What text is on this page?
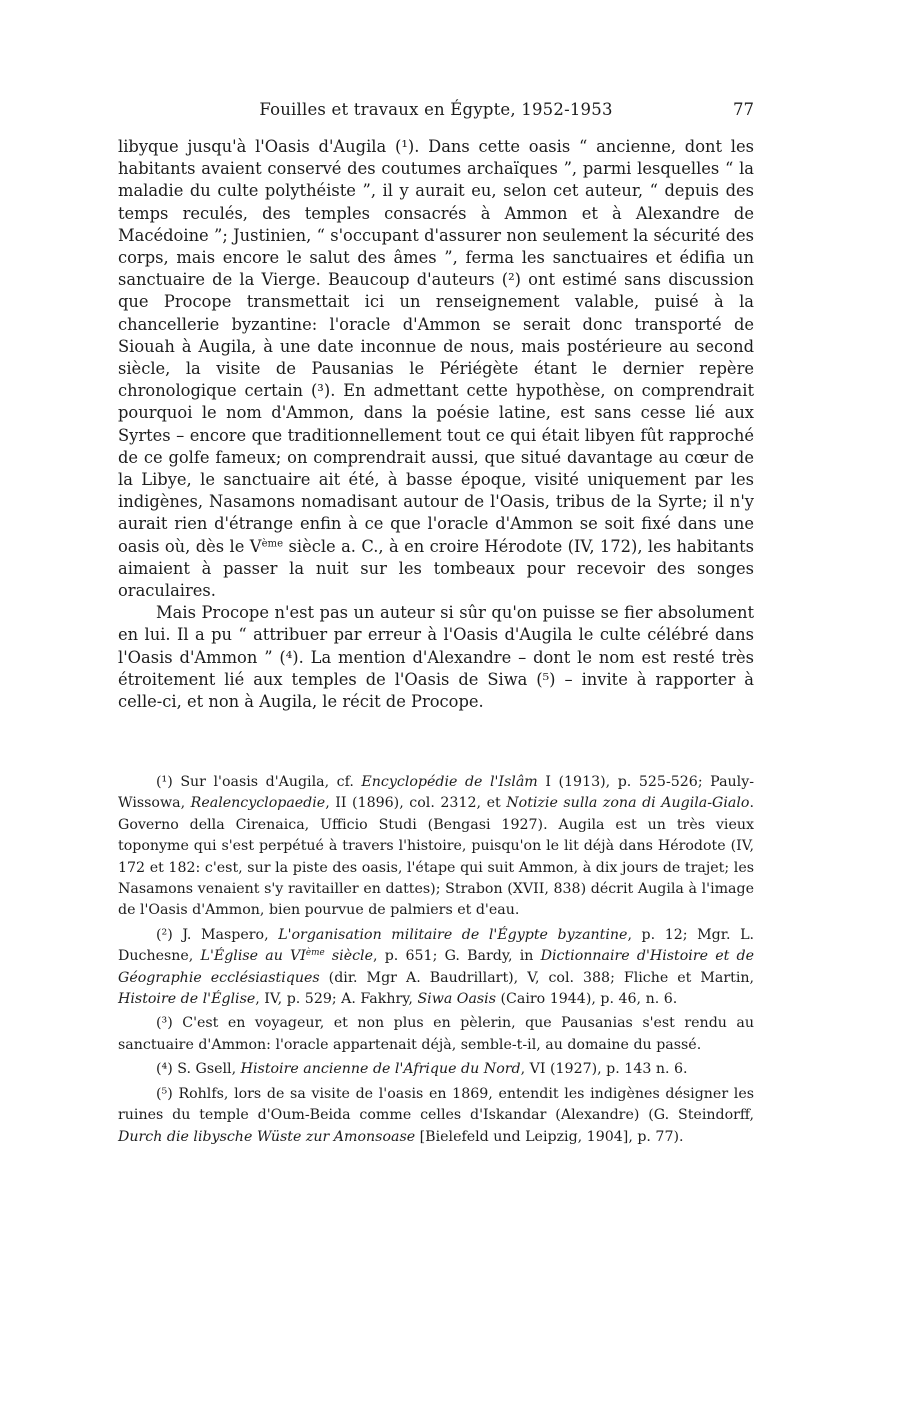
Fouilles et travaux en Égypte, 1952-1953	77

libyque jusqu'à l'Oasis d'Augila (¹). Dans cette oasis “ ancienne, dont les habitants avaient conservé des coutumes archaïques ”, parmi lesquelles “ la maladie du culte polythéiste ”, il y aurait eu, selon cet auteur, “ depuis des temps reculés, des temples consacrés à Ammon et à Alexandre de Macédoine ”; Justinien, “ s'occupant d'assurer non seulement la sécurité des corps, mais encore le salut des âmes ”, ferma les sanctuaires et édifia un sanctuaire de la Vierge. Beaucoup d'auteurs (²) ont estimé sans discussion que Procope transmettait ici un renseignement valable, puisé à la chancellerie byzantine: l'oracle d'Ammon se serait donc transporté de Siouah à Augila, à une date inconnue de nous, mais postérieure au second siècle, la visite de Pausanias le Périégète étant le dernier repère chronologique certain (³). En admettant cette hypothèse, on comprendrait pourquoi le nom d'Ammon, dans la poésie latine, est sans cesse lié aux Syrtes – encore que traditionnellement tout ce qui était libyen fût rapproché de ce golfe fameux; on comprendrait aussi, que situé davantage au cœur de la Libye, le sanctuaire ait été, à basse époque, visité uniquement par les indigènes, Nasamons nomadisant autour de l'Oasis, tribus de la Syrte; il n'y aurait rien d'étrange enfin à ce que l'oracle d'Ammon se soit fixé dans une oasis où, dès le Vème siècle a. C., à en croire Hérodote (IV, 172), les habitants aimaient à passer la nuit sur les tombeaux pour recevoir des songes oraculaires.

Mais Procope n'est pas un auteur si sûr qu'on puisse se fier absolument en lui. Il a pu “ attribuer par erreur à l'Oasis d'Augila le culte célébré dans l'Oasis d'Ammon ” (⁴). La mention d'Alexandre – dont le nom est resté très étroitement lié aux temples de l'Oasis de Siwa (⁵) – invite à rapporter à celle-ci, et non à Augila, le récit de Procope.

(¹) Sur l'oasis d'Augila, cf. Encyclopédie de l'Islâm I (1913), p. 525-526; Pauly-Wissowa, Realencyclopaedie, II (1896), col. 2312, et Notizie sulla zona di Augila-Gialo. Governo della Cirenaica, Ufficio Studi (Bengasi 1927). Augila est un très vieux toponyme qui s'est perpétué à travers l'histoire, puisqu'on le lit déjà dans Hérodote (IV, 172 et 182: c'est, sur la piste des oasis, l'étape qui suit Ammon, à dix jours de trajet; les Nasamons venaient s'y ravitailler en dattes); Strabon (XVII, 838) décrit Augila à l'image de l'Oasis d'Ammon, bien pourvue de palmiers et d'eau.

(²) J. Maspero, L'organisation militaire de l'Égypte byzantine, p. 12; Mgr. L. Duchesne, L'Église au VIème siècle, p. 651; G. Bardy, in Dictionnaire d'Histoire et de Géographie ecclésiastiques (dir. Mgr A. Baudrillart), V, col. 388; Fliche et Martin, Histoire de l'Église, IV, p. 529; A. Fakhry, Siwa Oasis (Cairo 1944), p. 46, n. 6.

(³) C'est en voyageur, et non plus en pèlerin, que Pausanias s'est rendu au sanctuaire d'Ammon: l'oracle appartenait déjà, semble-t-il, au domaine du passé.

(⁴) S. Gsell, Histoire ancienne de l'Afrique du Nord, VI (1927), p. 143 n. 6.

(⁵) Rohlfs, lors de sa visite de l'oasis en 1869, entendit les indigènes désigner les ruines du temple d'Oum-Beida comme celles d'Iskandar (Alexandre) (G. Steindorff, Durch die libysche Wüste zur Amonsoase [Bielefeld und Leipzig, 1904], p. 77).
